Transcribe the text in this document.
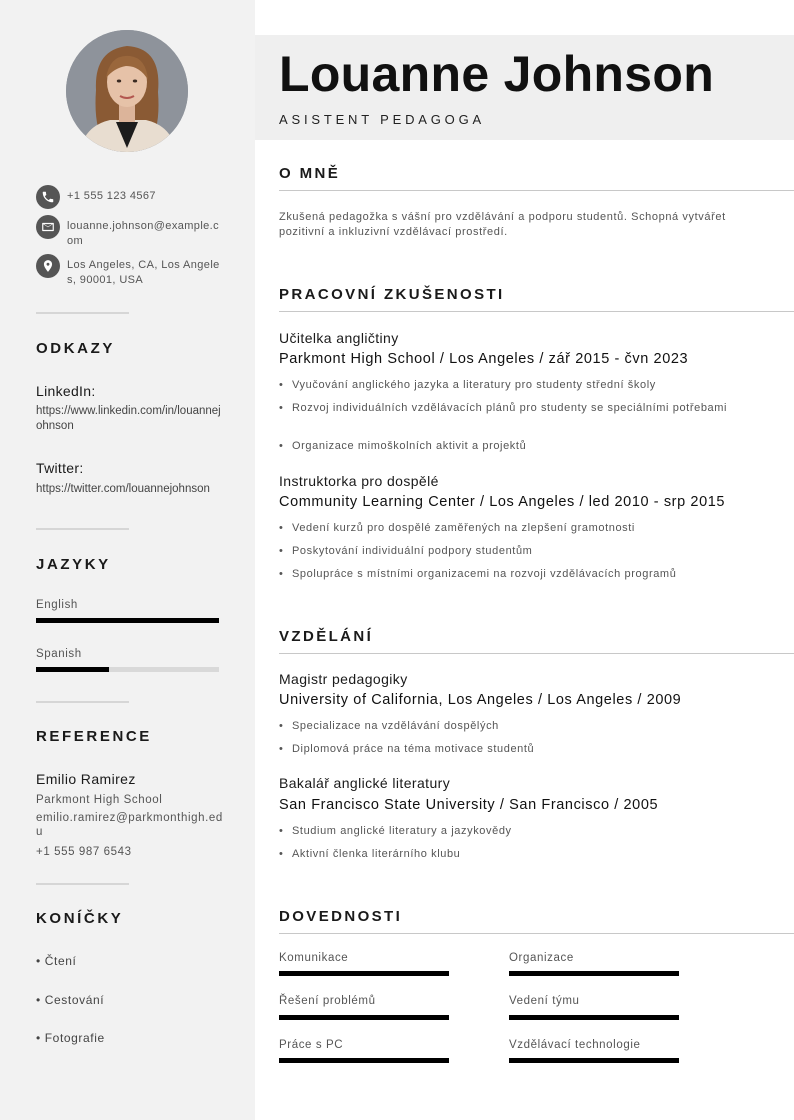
+1 555 123 4567
louanne.johnson@example.com
Los Angeles, CA, Los Angeles, 90001, USA
ODKAZY
LinkedIn:
https://www.linkedin.com/in/louannejohnson
Twitter:
https://twitter.com/louannejohnson
JAZYKY
English
Spanish
REFERENCE
Emilio Ramirez
Parkmont High School
emilio.ramirez@parkmonthigh.edu
+1 555 987 6543
KONÍČKY
• Čtení
• Cestování
• Fotografie
Louanne Johnson
ASISTENT PEDAGOGA
O MNĚ
Zkušená pedagožka s vášní pro vzdělávání a podporu studentů. Schopná vytvářet pozitivní a inkluzivní vzdělávací prostředí.
PRACOVNÍ ZKUŠENOSTI
Učitelka angličtiny
Parkmont High School / Los Angeles / zář 2015 - čvn 2023
• Vyučování anglického jazyka a literatury pro studenty střední školy
• Rozvoj individuálních vzdělávacích plánů pro studenty se speciálními potřebami
• Organizace mimoškolních aktivit a projektů
Instruktorka pro dospělé
Community Learning Center / Los Angeles / led 2010 - srp 2015
• Vedení kurzů pro dospělé zaměřených na zlepšení gramotnosti
• Poskytování individuální podpory studentům
• Spolupráce s místními organizacemi na rozvoji vzdělávacích programů
VZDĚLÁNÍ
Magistr pedagogiky
University of California, Los Angeles / Los Angeles / 2009
• Specializace na vzdělávání dospělých
• Diplomová práce na téma motivace studentů
Bakalář anglické literatury
San Francisco State University / San Francisco / 2005
• Studium anglické literatury a jazykovědy
• Aktivní členka literárního klubu
DOVEDNOSTI
Komunikace	Organizace
Řešení problémů	Vedení týmu
Práce s PC	Vzdělávací technologie
